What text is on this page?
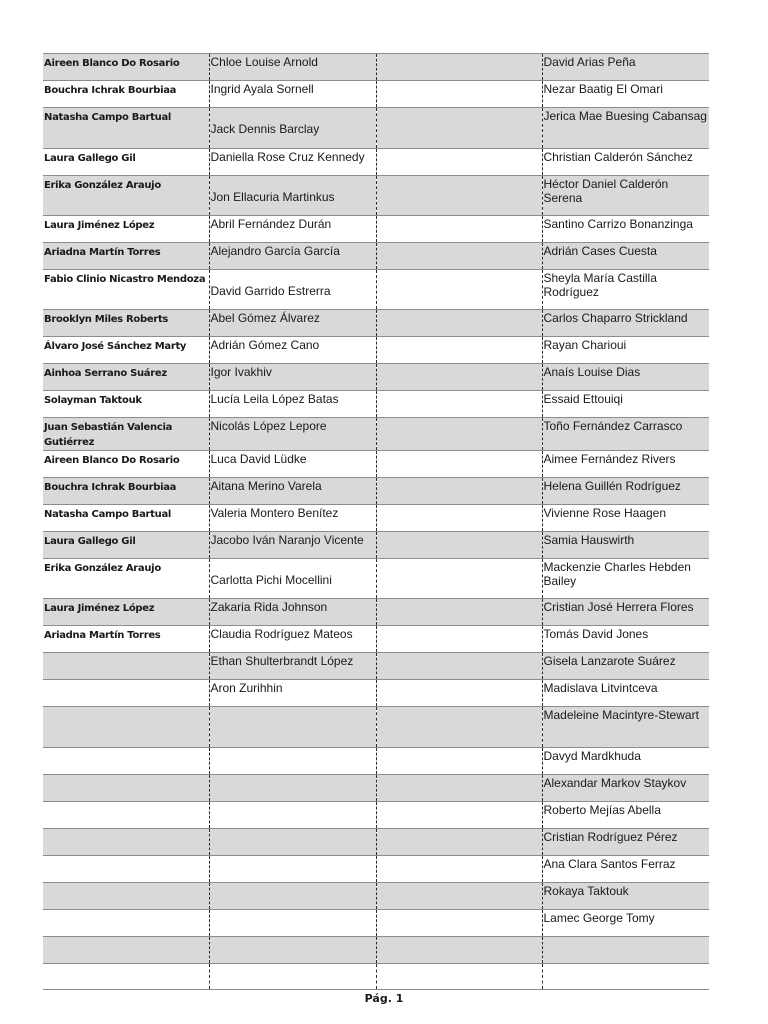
Aireen Blanco Do Rosario	Chloe Louise Arnold		David Arias Peña

Bouchra Ichrak Bourbiaa	Ingrid Ayala Sornell		Nezar Baatig El Omari

Natasha Campo Bartual	Jack Dennis Barclay		Jerica Mae Buesing Cabansag

Laura Gallego Gil	Daniella Rose Cruz Kennedy		Christian Calderón Sánchez

Erika González Araujo	Jon Ellacuria Martinkus		Héctor Daniel Calderón Serena

Laura Jiménez López	Abril Fernández Durán		Santino Carrizo Bonanzinga

Ariadna Martín Torres	Alejandro García García		Adrián Cases Cuesta

Fabio Clinio Nicastro Mendoza	David Garrido Estrerra		Sheyla María Castilla Rodríguez

Brooklyn Miles Roberts	Abel Gómez Álvarez		Carlos Chaparro Strickland

Álvaro José Sánchez Marty	Adrián Gómez Cano		Rayan Charioui

Ainhoa Serrano Suárez	Igor Ivakhiv		Anaís Louise Dias

Solayman Taktouk	Lucía Leila López Batas		Essaid Ettouiqi

Juan Sebastián Valencia Gutiérrez	Nicolás López Lepore		Toño Fernández Carrasco

Aireen Blanco Do Rosario	Luca David Lüdke		Aimee Fernández Rivers

Bouchra Ichrak Bourbiaa	Aitana Merino Varela		Helena Guillén Rodríguez

Natasha Campo Bartual	Valeria Montero Benítez		Vivienne Rose Haagen

Laura Gallego Gil	Jacobo Iván Naranjo Vicente		Samia Hauswirth

Erika González Araujo	Carlotta Pichi Mocellini		Mackenzie Charles Hebden Bailey

Laura Jiménez López	Zakaria Rida Johnson		Cristian José Herrera Flores

Ariadna Martín Torres	Claudia Rodríguez Mateos		Tomás David Jones

	Ethan Shulterbrandt López		Gisela Lanzarote Suárez

	Aron Zurihhin		Madislava Litvintceva

			Madeleine Macintyre-Stewart

			Davyd Mardkhuda

			Alexandar Markov Staykov

			Roberto Mejías Abella

			Cristian Rodríguez Pérez

			Ana Clara Santos Ferraz

			Rokaya Taktouk

			Lamec George Tomy

Pág. 1
